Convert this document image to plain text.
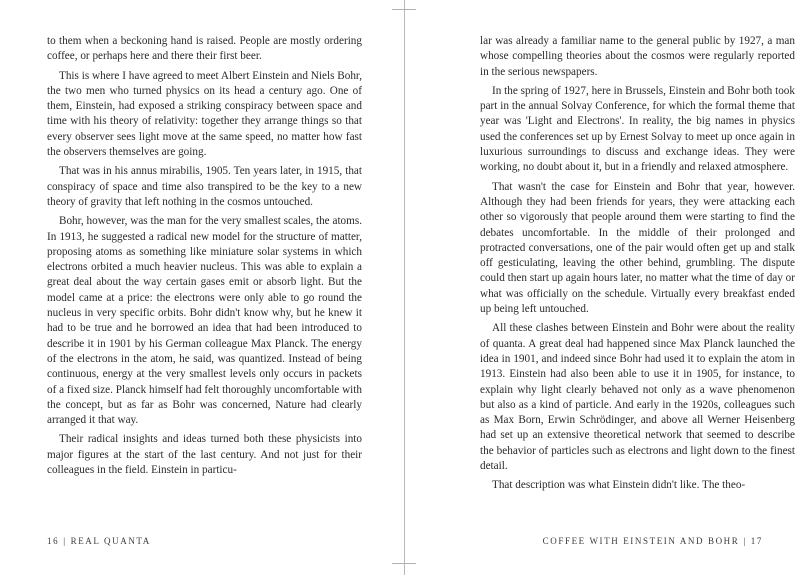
to them when a beckoning hand is raised. People are mostly ordering coffee, or perhaps here and there their first beer.

This is where I have agreed to meet Albert Einstein and Niels Bohr, the two men who turned physics on its head a century ago. One of them, Einstein, had exposed a striking conspiracy between space and time with his theory of relativity: together they arrange things so that every observer sees light move at the same speed, no matter how fast the observers themselves are going.

That was in his annus mirabilis, 1905. Ten years later, in 1915, that conspiracy of space and time also transpired to be the key to a new theory of gravity that left nothing in the cosmos untouched.

Bohr, however, was the man for the very smallest scales, the atoms. In 1913, he suggested a radical new model for the structure of matter, proposing atoms as something like miniature solar systems in which electrons orbited a much heavier nucleus. This was able to explain a great deal about the way certain gases emit or absorb light. But the model came at a price: the electrons were only able to go round the nucleus in very specific orbits. Bohr didn't know why, but he knew it had to be true and he borrowed an idea that had been introduced to describe it in 1901 by his German colleague Max Planck. The energy of the electrons in the atom, he said, was quantized. Instead of being continuous, energy at the very smallest levels only occurs in packets of a fixed size. Planck himself had felt thoroughly uncomfortable with the concept, but as far as Bohr was concerned, Nature had clearly arranged it that way.

Their radical insights and ideas turned both these physicists into major figures at the start of the last century. And not just for their colleagues in the field. Einstein in particu-

16 | REAL QUANTA

lar was already a familiar name to the general public by 1927, a man whose compelling theories about the cosmos were regularly reported in the serious newspapers.

In the spring of 1927, here in Brussels, Einstein and Bohr both took part in the annual Solvay Conference, for which the formal theme that year was 'Light and Electrons'. In reality, the big names in physics used the conferences set up by Ernest Solvay to meet up once again in luxurious surroundings to discuss and exchange ideas. They were working, no doubt about it, but in a friendly and relaxed atmosphere.

That wasn't the case for Einstein and Bohr that year, however. Although they had been friends for years, they were attacking each other so vigorously that people around them were starting to find the debates uncomfortable. In the middle of their prolonged and protracted conversations, one of the pair would often get up and stalk off gesticulating, leaving the other behind, grumbling. The dispute could then start up again hours later, no matter what the time of day or what was officially on the schedule. Virtually every breakfast ended up being left untouched.

All these clashes between Einstein and Bohr were about the reality of quanta. A great deal had happened since Max Planck launched the idea in 1901, and indeed since Bohr had used it to explain the atom in 1913. Einstein had also been able to use it in 1905, for instance, to explain why light clearly behaved not only as a wave phenomenon but also as a kind of particle. And early in the 1920s, colleagues such as Max Born, Erwin Schrödinger, and above all Werner Heisenberg had set up an extensive theoretical network that seemed to describe the behavior of particles such as electrons and light down to the finest detail.

That description was what Einstein didn't like. The theo-

COFFEE WITH EINSTEIN AND BOHR | 17
